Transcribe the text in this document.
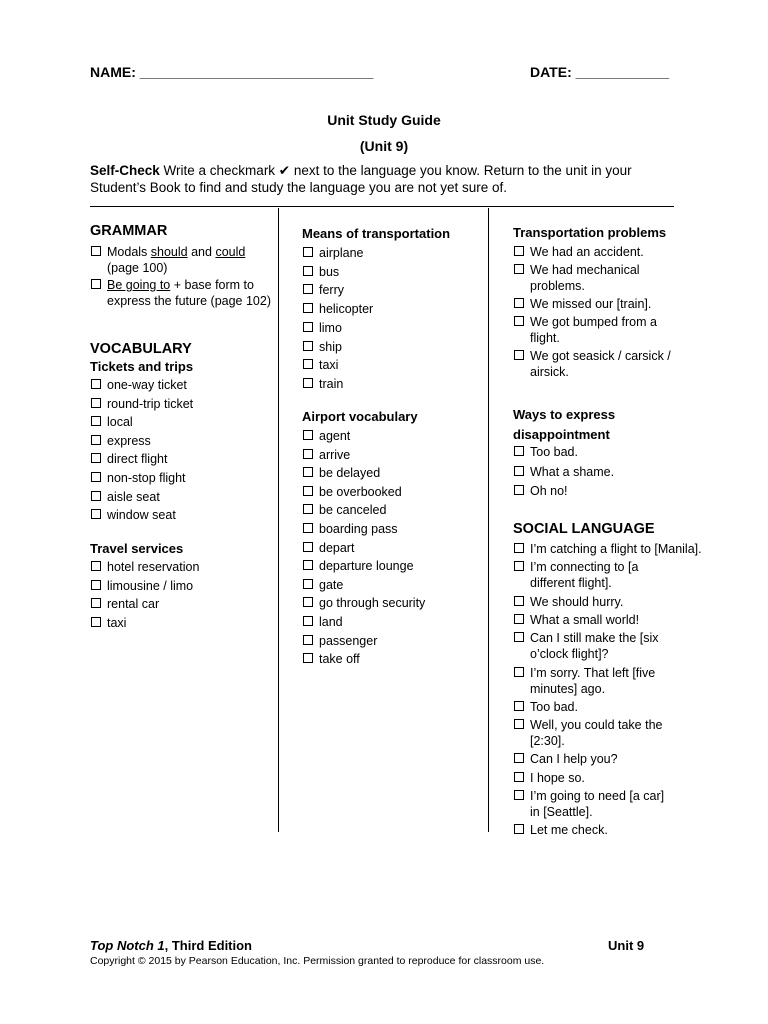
NAME: ______________________________	DATE: ____________
Unit Study Guide
(Unit 9)
Self-Check Write a checkmark ✔ next to the language you know. Return to the unit in your
Student’s Book to find and study the language you are not yet sure of.
GRAMMAR
Modals should and could
(page 100)
Be going to + base form to
express the future (page 102)
VOCABULARY
Tickets and trips
one-way ticket
round-trip ticket
local
express
direct flight
non-stop flight
aisle seat
window seat
Travel services
hotel reservation
limousine / limo
rental car
taxi
Means of transportation
airplane
bus
ferry
helicopter
limo
ship
taxi
train
Airport vocabulary
agent
arrive
be delayed
be overbooked
be canceled
boarding pass
depart
departure lounge
gate
go through security
land
passenger
take off
Transportation problems
We had an accident.
We had mechanical
problems.
We missed our [train].
We got bumped from a
flight.
We got seasick / carsick /
airsick.
Ways to express
disappointment
Too bad.
What a shame.
Oh no!
SOCIAL LANGUAGE
I’m catching a flight to [Manila].
I’m connecting to [a
different flight].
We should hurry.
What a small world!
Can I still make the [six
o’clock flight]?
I’m sorry. That left [five
minutes] ago.
Too bad.
Well, you could take the
[2:30].
Can I help you?
I hope so.
I’m going to need [a car]
in [Seattle].
Let me check.
Top Notch 1, Third Edition	Unit 9
Copyright © 2015 by Pearson Education, Inc. Permission granted to reproduce for classroom use.
